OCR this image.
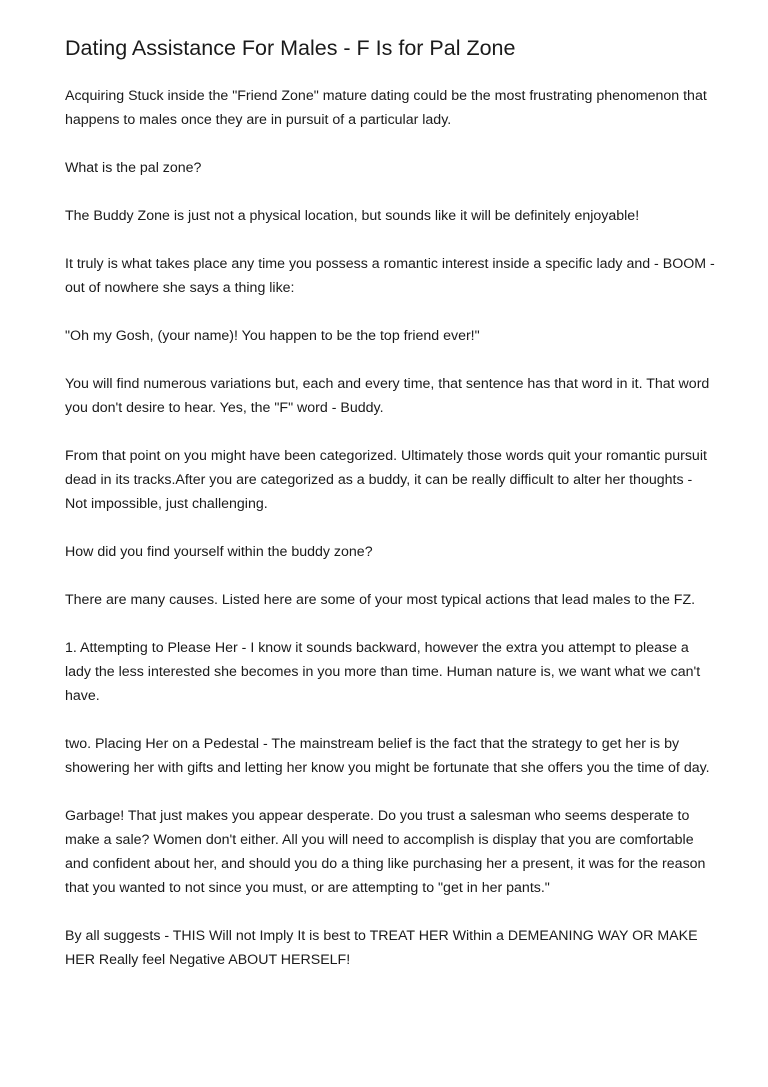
Dating Assistance For Males - F Is for Pal Zone

Acquiring Stuck inside the "Friend Zone" mature dating could be the most frustrating phenomenon that happens to males once they are in pursuit of a particular lady.

What is the pal zone?

The Buddy Zone is just not a physical location, but sounds like it will be definitely enjoyable!

It truly is what takes place any time you possess a romantic interest inside a specific lady and - BOOM - out of nowhere she says a thing like:

"Oh my Gosh, (your name)! You happen to be the top friend ever!"

You will find numerous variations but, each and every time, that sentence has that word in it. That word you don't desire to hear. Yes, the "F" word - Buddy.

From that point on you might have been categorized. Ultimately those words quit your romantic pursuit dead in its tracks.After you are categorized as a buddy, it can be really difficult to alter her thoughts - Not impossible, just challenging.

How did you find yourself within the buddy zone?

There are many causes. Listed here are some of your most typical actions that lead males to the FZ.

1. Attempting to Please Her - I know it sounds backward, however the extra you attempt to please a lady the less interested she becomes in you more than time. Human nature is, we want what we can't have.

two. Placing Her on a Pedestal - The mainstream belief is the fact that the strategy to get her is by showering her with gifts and letting her know you might be fortunate that she offers you the time of day.

Garbage! That just makes you appear desperate. Do you trust a salesman who seems desperate to make a sale? Women don't either. All you will need to accomplish is display that you are comfortable and confident about her, and should you do a thing like purchasing her a present, it was for the reason that you wanted to not since you must, or are attempting to "get in her pants."

By all suggests - THIS Will not Imply It is best to TREAT HER Within a DEMEANING WAY OR MAKE HER Really feel Negative ABOUT HERSELF!
